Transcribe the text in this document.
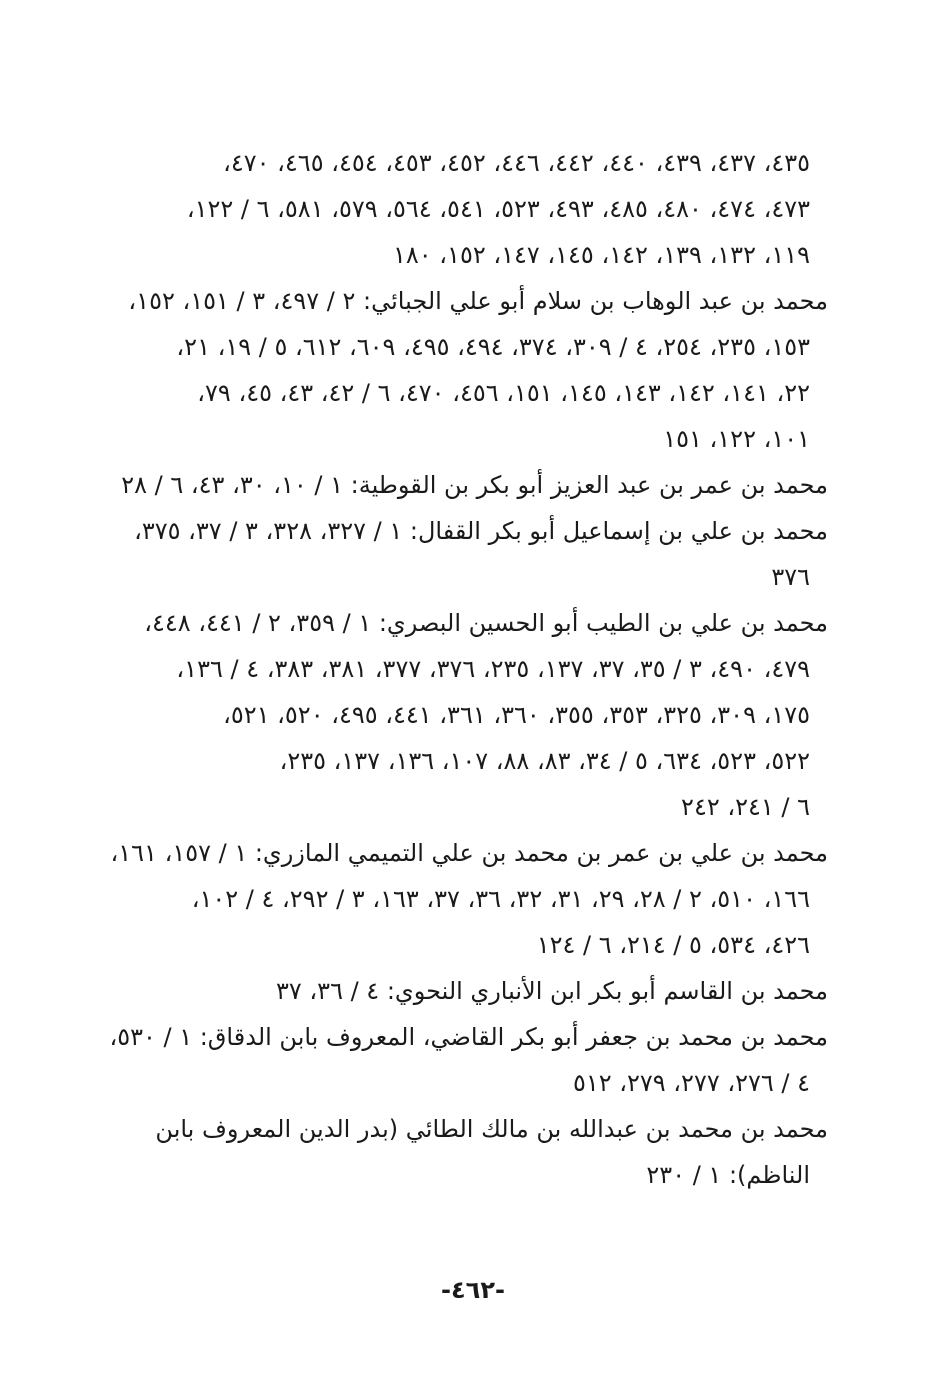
٤٣٥، ٤٣٧، ٤٣٩، ٤٤٠، ٤٤٢، ٤٤٦، ٤٥٢، ٤٥٣، ٤٥٤، ٤٦٥، ٤٧٠،
٤٧٣، ٤٧٤، ٤٨٠، ٤٨٥، ٤٩٣، ٥٢٣، ٥٤١، ٥٦٤، ٥٧٩، ٥٨١، ٦ / ١٢٢،
١١٩، ١٣٢، ١٣٩، ١٤٢، ١٤٥، ١٤٧، ١٥٢، ١٨٠
محمد بن عبد الوهاب بن سلام أبو علي الجبائي: ٢ / ٤٩٧، ٣ / ١٥١، ١٥٢،
١٥٣، ٢٣٥، ٢٥٤، ٤ / ٣٠٩، ٣٧٤، ٤٩٤، ٤٩٥، ٦٠٩، ٦١٢، ٥ / ١٩، ٢١،
٢٢، ١٤١، ١٤٢، ١٤٣، ١٤٥، ١٥١، ٤٥٦، ٤٧٠، ٦ / ٤٢، ٤٣، ٤٥، ٧٩،
١٠١، ١٢٢، ١٥١
محمد بن عمر بن عبد العزيز أبو بكر بن القوطية: ١ / ١٠، ٣٠، ٤٣، ٦ / ٢٨
محمد بن علي بن إسماعيل أبو بكر القفال: ١ / ٣٢٧، ٣٢٨، ٣ / ٣٧، ٣٧٥،
٣٧٦
محمد بن علي بن الطيب أبو الحسين البصري: ١ / ٣٥٩، ٢ / ٤٤١، ٤٤٨،
٤٧٩، ٤٩٠، ٣ / ٣٥، ٣٧، ١٣٧، ٢٣٥، ٣٧٦، ٣٧٧، ٣٨١، ٣٨٣، ٤ / ١٣٦،
١٧٥، ٣٠٩، ٣٢٥، ٣٥٣، ٣٥٥، ٣٦٠، ٣٦١، ٤٤١، ٤٩٥، ٥٢٠، ٥٢١،
٥٢٢، ٥٢٣، ٦٣٤، ٥ / ٣٤، ٨٣، ٨٨، ١٠٧، ١٣٦، ١٣٧، ٢٣٥،
٦ / ٢٤١، ٢٤٢
محمد بن علي بن عمر بن محمد بن علي التميمي المازري: ١ / ١٥٧، ١٦١،
١٦٦، ٥١٠، ٢ / ٢٨، ٢٩، ٣١، ٣٢، ٣٦، ٣٧، ١٦٣، ٣ / ٢٩٢، ٤ / ١٠٢،
٤٢٦، ٥٣٤، ٥ / ٢١٤، ٦ / ١٢٤
محمد بن القاسم أبو بكر ابن الأنباري النحوي: ٤ / ٣٦، ٣٧
محمد بن محمد بن جعفر أبو بكر القاضي، المعروف بابن الدقاق: ١ / ٥٣٠،
٤ / ٢٧٦، ٢٧٧، ٢٧٩، ٥١٢
محمد بن محمد بن عبدالله بن مالك الطائي (بدر الدين المعروف بابن
الناظم): ١ / ٢٣٠
-٤٦٢-
